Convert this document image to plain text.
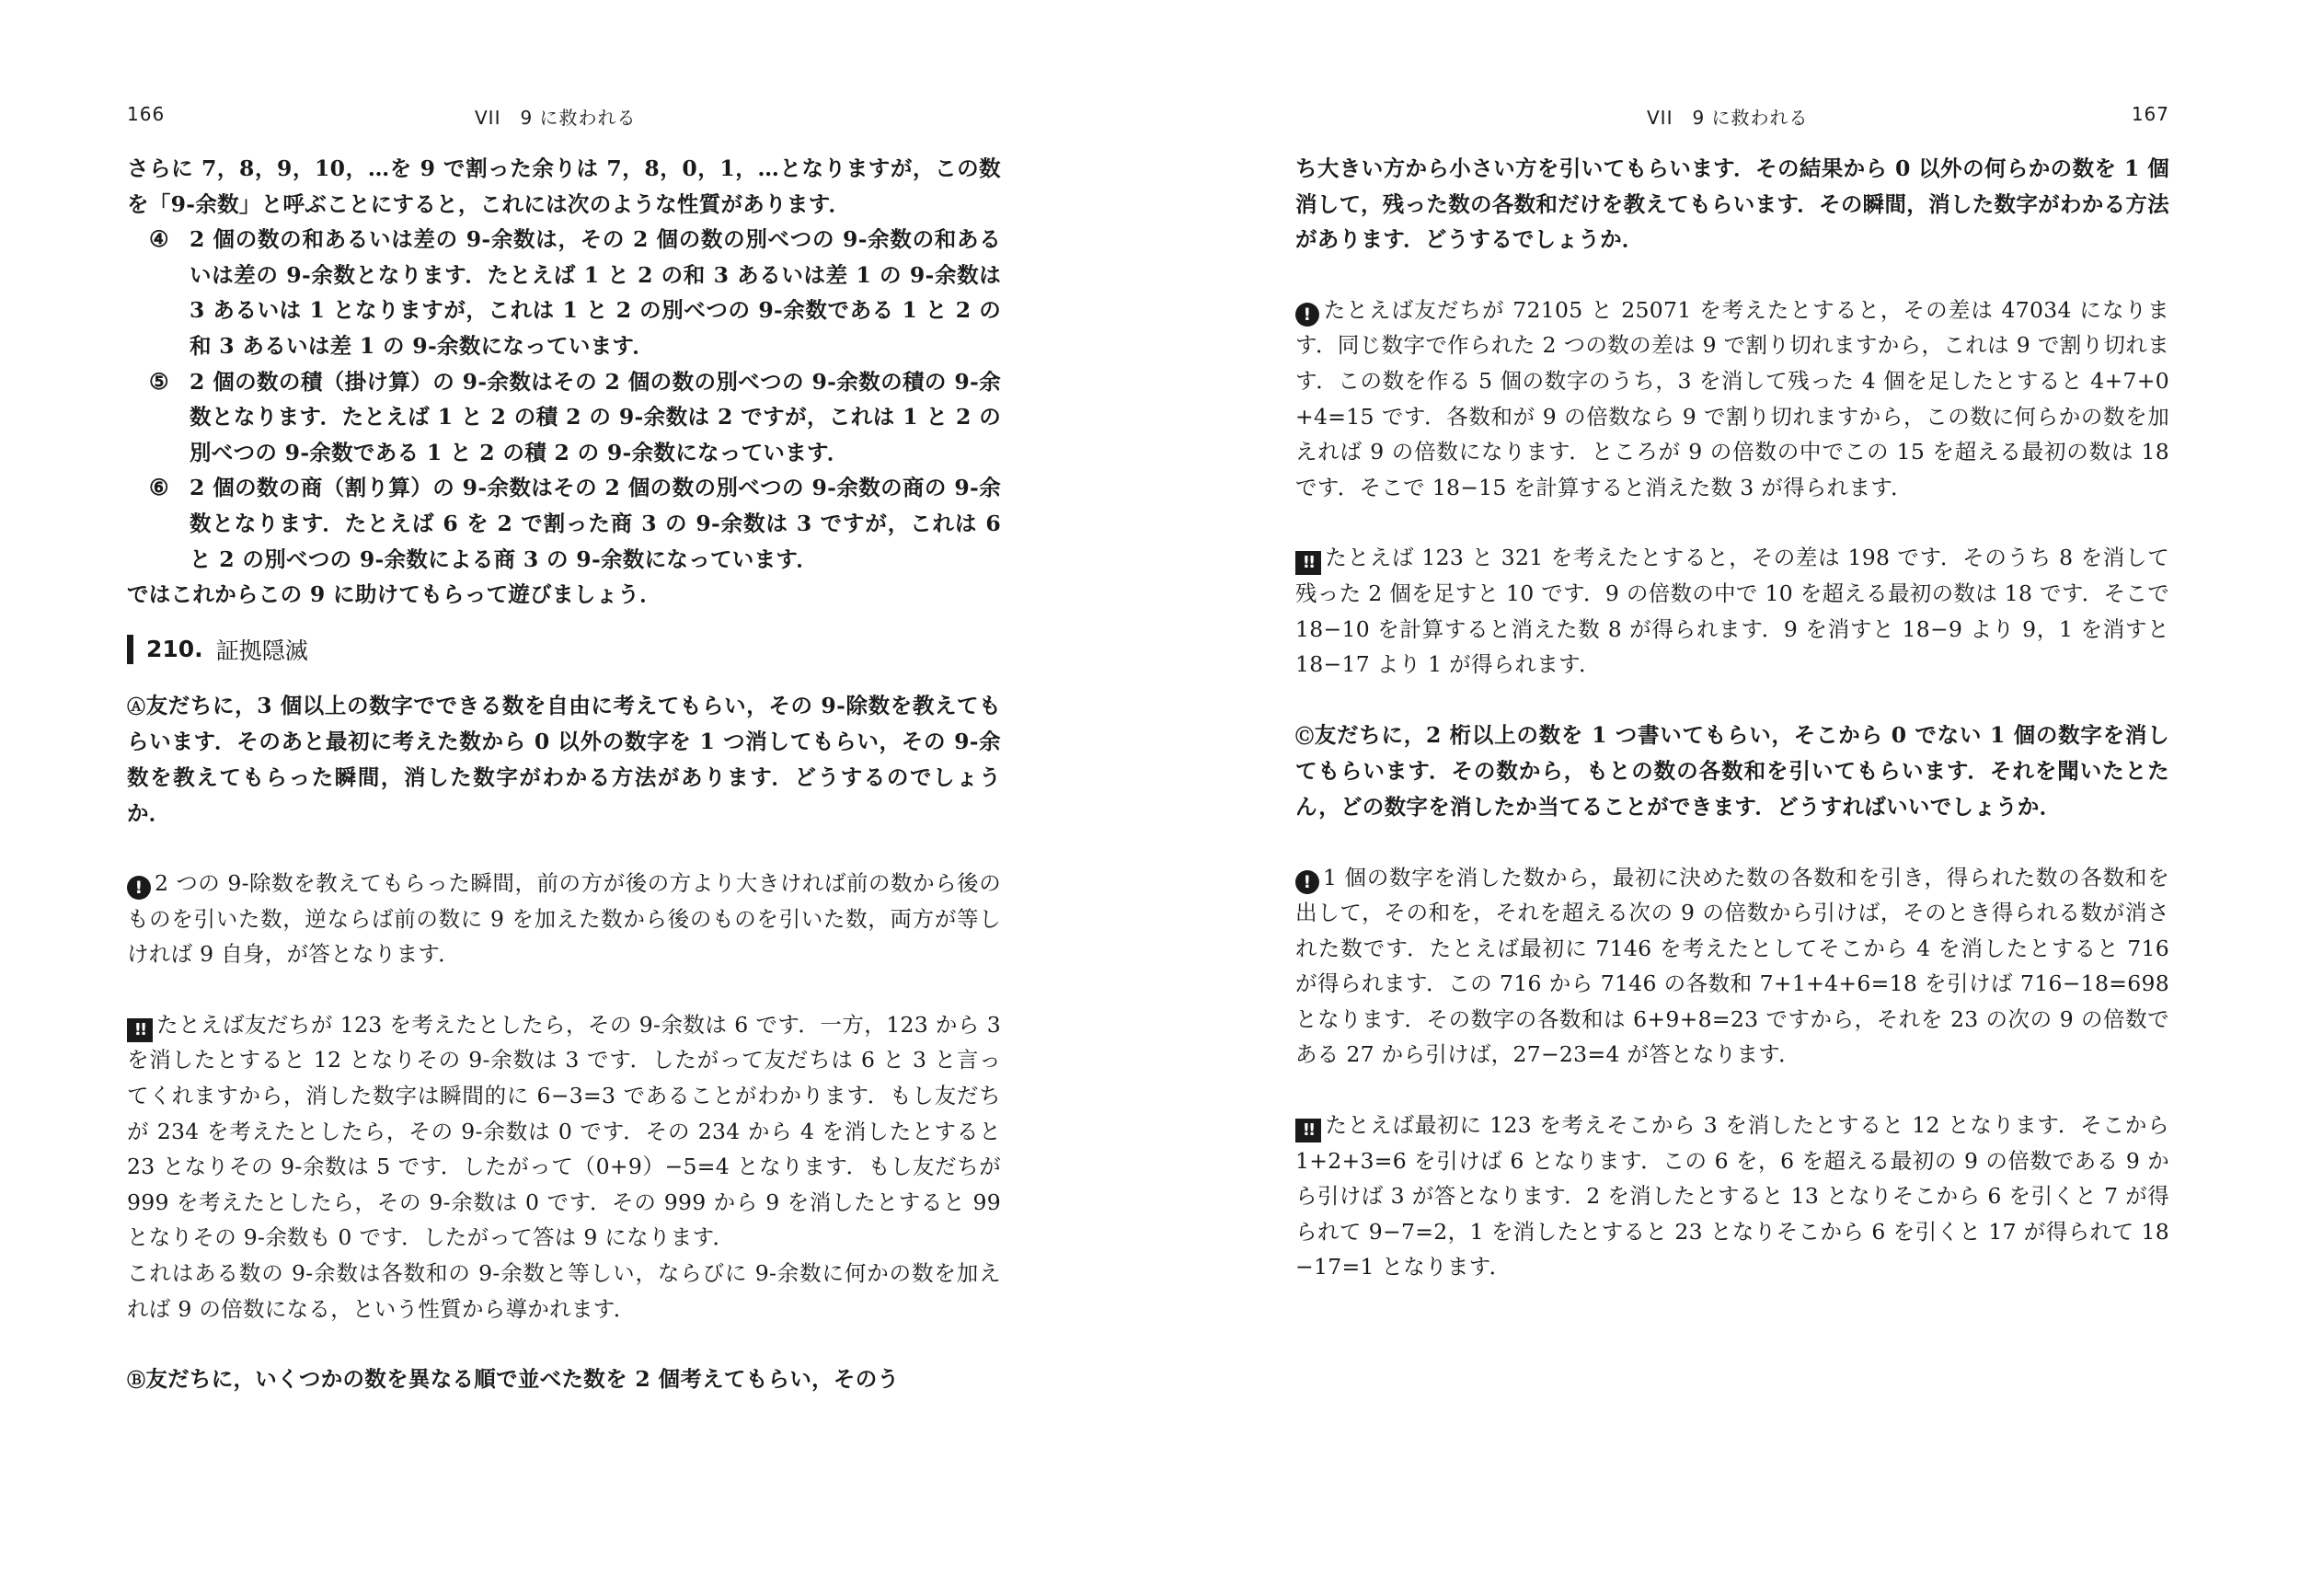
166	VII　9 に救われる

さらに 7，8，9，10，…を 9 で割った余りは 7，8，0，1，…となりますが，この数を「9-余数」と呼ぶことにすると，これには次のような性質があります．

④ 2 個の数の和あるいは差の 9-余数は，その 2 個の数の別べつの 9-余数の和あるいは差の 9-余数となります．たとえば 1 と 2 の和 3 あるいは差 1 の 9-余数は 3 あるいは 1 となりますが，これは 1 と 2 の別べつの 9-余数である 1 と 2 の和 3 あるいは差 1 の 9-余数になっています．

⑤ 2 個の数の積（掛け算）の 9-余数はその 2 個の数の別べつの 9-余数の積の 9-余数となります．たとえば 1 と 2 の積 2 の 9-余数は 2 ですが，これは 1 と 2 の別べつの 9-余数である 1 と 2 の積 2 の 9-余数になっています．

⑥ 2 個の数の商（割り算）の 9-余数はその 2 個の数の別べつの 9-余数の商の 9-余数となります．たとえば 6 を 2 で割った商 3 の 9-余数は 3 ですが，これは 6 と 2 の別べつの 9-余数による商 3 の 9-余数になっています．

ではこれからこの 9 に助けてもらって遊びましょう．

210. 証拠隠滅

Ⓐ友だちに，3 個以上の数字でできる数を自由に考えてもらい，その 9-除数を教えてもらいます．そのあと最初に考えた数から 0 以外の数字を 1 つ消してもらい，その 9-余数を教えてもらった瞬間，消した数字がわかる方法があります．どうするのでしょうか．

! 2 つの 9-除数を教えてもらった瞬間，前の方が後の方より大きければ前の数から後のものを引いた数，逆ならば前の数に 9 を加えた数から後のものを引いた数，両方が等しければ 9 自身，が答となります．

!! たとえば友だちが 123 を考えたとしたら，その 9-余数は 6 です．一方，123 から 3 を消したとすると 12 となりその 9-余数は 3 です．したがって友だちは 6 と 3 と言ってくれますから，消した数字は瞬間的に 6−3=3 であることがわかります．もし友だちが 234 を考えたとしたら，その 9-余数は 0 です．その 234 から 4 を消したとすると 23 となりその 9-余数は 5 です．したがって（0+9）−5=4 となります．もし友だちが 999 を考えたとしたら，その 9-余数は 0 です．その 999 から 9 を消したとすると 99 となりその 9-余数も 0 です．したがって答は 9 になります．

これはある数の 9-余数は各数和の 9-余数と等しい，ならびに 9-余数に何かの数を加えれば 9 の倍数になる，という性質から導かれます．

Ⓑ友だちに，いくつかの数を異なる順で並べた数を 2 個考えてもらい，そのう

VII　9 に救われる	167

ち大きい方から小さい方を引いてもらいます．その結果から 0 以外の何らかの数を 1 個消して，残った数の各数和だけを教えてもらいます．その瞬間，消した数字がわかる方法があります．どうするでしょうか．

! たとえば友だちが 72105 と 25071 を考えたとすると，その差は 47034 になります．同じ数字で作られた 2 つの数の差は 9 で割り切れますから，これは 9 で割り切れます．この数を作る 5 個の数字のうち，3 を消して残った 4 個を足したとすると 4+7+0+4=15 です．各数和が 9 の倍数なら 9 で割り切れますから，この数に何らかの数を加えれば 9 の倍数になります．ところが 9 の倍数の中でこの 15 を超える最初の数は 18 です．そこで 18−15 を計算すると消えた数 3 が得られます．

!! たとえば 123 と 321 を考えたとすると，その差は 198 です．そのうち 8 を消して残った 2 個を足すと 10 です．9 の倍数の中で 10 を超える最初の数は 18 です．そこで 18−10 を計算すると消えた数 8 が得られます．9 を消すと 18−9 より 9，1 を消すと 18−17 より 1 が得られます．

Ⓒ友だちに，2 桁以上の数を 1 つ書いてもらい，そこから 0 でない 1 個の数字を消してもらいます．その数から，もとの数の各数和を引いてもらいます．それを聞いたとたん，どの数字を消したか当てることができます．どうすればいいでしょうか．

! 1 個の数字を消した数から，最初に決めた数の各数和を引き，得られた数の各数和を出して，その和を，それを超える次の 9 の倍数から引けば，そのとき得られる数が消された数です．たとえば最初に 7146 を考えたとしてそこから 4 を消したとすると 716 が得られます．この 716 から 7146 の各数和 7+1+4+6=18 を引けば 716−18=698 となります．その数字の各数和は 6+9+8=23 ですから，それを 23 の次の 9 の倍数である 27 から引けば，27−23=4 が答となります．

!! たとえば最初に 123 を考えそこから 3 を消したとすると 12 となります．そこから 1+2+3=6 を引けば 6 となります．この 6 を，6 を超える最初の 9 の倍数である 9 から引けば 3 が答となります．2 を消したとすると 13 となりそこから 6 を引くと 7 が得られて 9−7=2，1 を消したとすると 23 となりそこから 6 を引くと 17 が得られて 18−17=1 となります．
